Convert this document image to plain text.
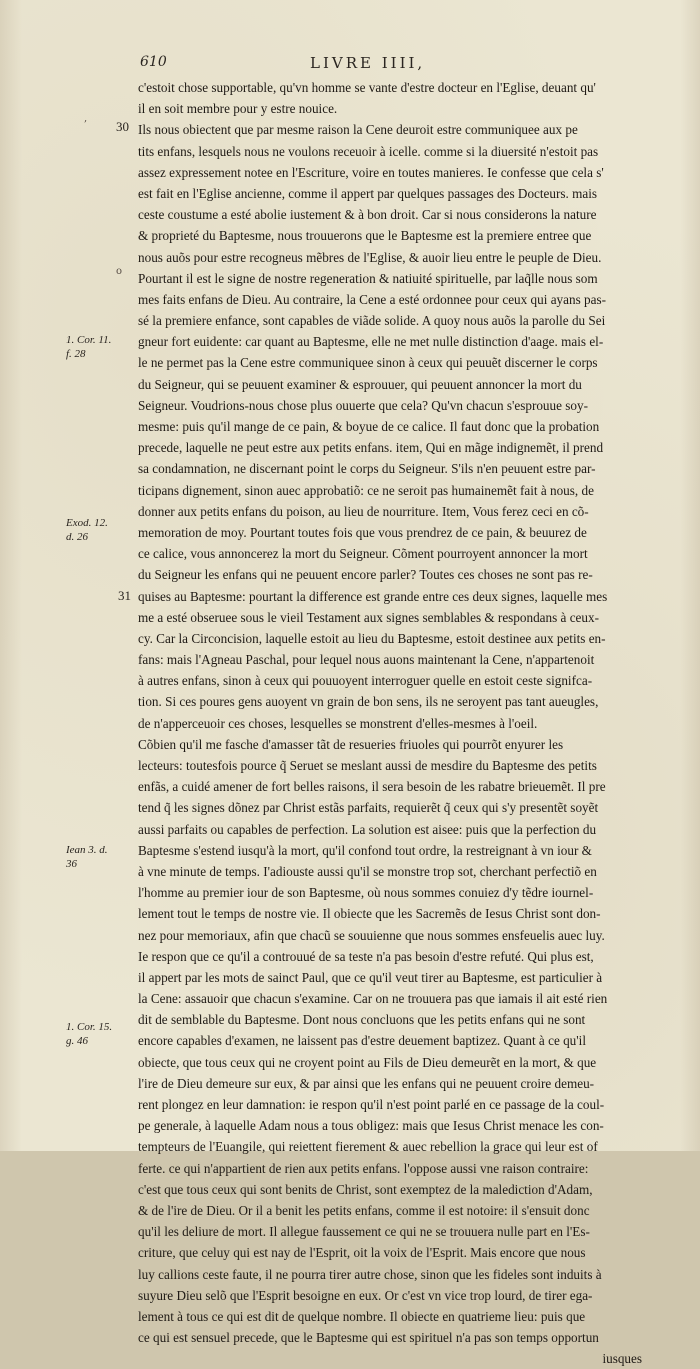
610	LIVRE IIII,
30
31
,
o
1. Cor. 11.
f. 28
Exod. 12.
d. 26
Iean 3. d.
36
1. Cor. 15.
g. 46
c'estoit chose supportable, qu'vn homme se vante d'estre docteur en l'Eglise, deuant qu'
il en soit membre pour y estre nouice.
Ils nous obiectent que par mesme raison la Cene deuroit estre communiquee aux pe
tits enfans, lesquels nous ne voulons receuoir à icelle. comme si la diuersité n'estoit pas
assez expressement notee en l'Escriture, voire en toutes manieres. Ie confesse que cela s'
est fait en l'Eglise ancienne, comme il appert par quelques passages des Docteurs. mais
ceste coustume a esté abolie iustement & à bon droit. Car si nous considerons la nature
& proprieté du Baptesme, nous trouuerons que le Baptesme est la premiere entree que
nous auõs pour estre recogneus mẽbres de l'Eglise, & auoir lieu entre le peuple de Dieu.
Pourtant il est le signe de nostre regeneration & natiuité spirituelle, par laq̃lle nous som
mes faits enfans de Dieu. Au contraire, la Cene a esté ordonnee pour ceux qui ayans pas-
sé la premiere enfance, sont capables de viãde solide. A quoy nous auõs la parolle du Sei
gneur fort euidente: car quant au Baptesme, elle ne met nulle distinction d'aage. mais el-
le ne permet pas la Cene estre communiquee sinon à ceux qui peuuẽt discerner le corps
du Seigneur, qui se peuuent examiner & esprouuer, qui peuuent annoncer la mort du
Seigneur. Voudrions-nous chose plus ouuerte que cela? Qu'vn chacun s'esprouue soy-
mesme: puis qu'il mange de ce pain, & boyue de ce calice. Il faut donc que la probation
precede, laquelle ne peut estre aux petits enfans. item, Qui en mãge indignemẽt, il prend
sa condamnation, ne discernant point le corps du Seigneur. S'ils n'en peuuent estre par-
ticipans dignement, sinon auec approbatiõ: ce ne seroit pas humainemẽt fait à nous, de
donner aux petits enfans du poison, au lieu de nourriture. Item, Vous ferez ceci en cõ-
memoration de moy. Pourtant toutes fois que vous prendrez de ce pain, & beuurez de
ce calice, vous annoncerez la mort du Seigneur. Cõment pourroyent annoncer la mort
du Seigneur les enfans qui ne peuuent encore parler? Toutes ces choses ne sont pas re-
quises au Baptesme: pourtant la difference est grande entre ces deux signes, laquelle mes
me a esté obseruee sous le vieil Testament aux signes semblables & respondans à ceux-
cy. Car la Circoncision, laquelle estoit au lieu du Baptesme, estoit destinee aux petits en-
fans: mais l'Agneau Paschal, pour lequel nous auons maintenant la Cene, n'appartenoit
à autres enfans, sinon à ceux qui pouuoyent interroguer quelle en estoit ceste signifca-
tion. Si ces poures gens auoyent vn grain de bon sens, ils ne seroyent pas tant aueugles,
de n'apperceuoir ces choses, lesquelles se monstrent d'elles-mesmes à l'oeil.
Cõbien qu'il me fasche d'amasser tãt de resueries friuoles qui pourrõt enyurer les
lecteurs: toutesfois pource q̃ Seruet se meslant aussi de mesdire du Baptesme des petits
enfãs, a cuidé amener de fort belles raisons, il sera besoin de les rabatre brieuemẽt. Il pre
tend q̃ les signes dõnez par Christ estãs parfaits, requierẽt q̃ ceux qui s'y presentẽt soyẽt
aussi parfaits ou capables de perfection. La solution est aisee: puis que la perfection du
Baptesme s'estend iusqu'à la mort, qu'il confond tout ordre, la restreignant à vn iour &
à vne minute de temps. I'adiouste aussi qu'il se monstre trop sot, cherchant perfectiõ en
l'homme au premier iour de son Baptesme, où nous sommes conuiez d'y tẽdre iournel-
lement tout le temps de nostre vie. Il obiecte que les Sacremẽs de Iesus Christ sont don-
nez pour memoriaux, afin que chacũ se souuienne que nous sommes ensfeuelis auec luy.
Ie respon que ce qu'il a controuué de sa teste n'a pas besoin d'estre refuté. Qui plus est,
il appert par les mots de sainct Paul, que ce qu'il veut tirer au Baptesme, est particulier à
la Cene: assauoir que chacun s'examine. Car on ne trouuera pas que iamais il ait esté rien
dit de semblable du Baptesme. Dont nous concluons que les petits enfans qui ne sont
encore capables d'examen, ne laissent pas d'estre deuement baptizez. Quant à ce qu'il
obiecte, que tous ceux qui ne croyent point au Fils de Dieu demeurẽt en la mort, & que
l'ire de Dieu demeure sur eux, & par ainsi que les enfans qui ne peuuent croire demeu-
rent plongez en leur damnation: ie respon qu'il n'est point parlé en ce passage de la coul-
pe generale, à laquelle Adam nous a tous obligez: mais que Iesus Christ menace les con-
tempteurs de l'Euangile, qui reiettent fierement & auec rebellion la grace qui leur est of
ferte. ce qui n'appartient de rien aux petits enfans. l'oppose aussi vne raison contraire:
c'est que tous ceux qui sont benits de Christ, sont exemptez de la malediction d'Adam,
& de l'ire de Dieu. Or il a benit les petits enfans, comme il est notoire: il s'ensuit donc
qu'il les deliure de mort. Il allegue faussement ce qui ne se trouuera nulle part en l'Es-
criture, que celuy qui est nay de l'Esprit, oit la voix de l'Esprit. Mais encore que nous
luy callions ceste faute, il ne pourra tirer autre chose, sinon que les fideles sont induits à
suyure Dieu selõ que l'Esprit besoigne en eux. Or c'est vn vice trop lourd, de tirer ega-
lement à tous ce qui est dit de quelque nombre. Il obiecte en quatrieme lieu: puis que
ce qui est sensuel precede, que le Baptesme qui est spirituel n'a pas son temps opportun
iusques
